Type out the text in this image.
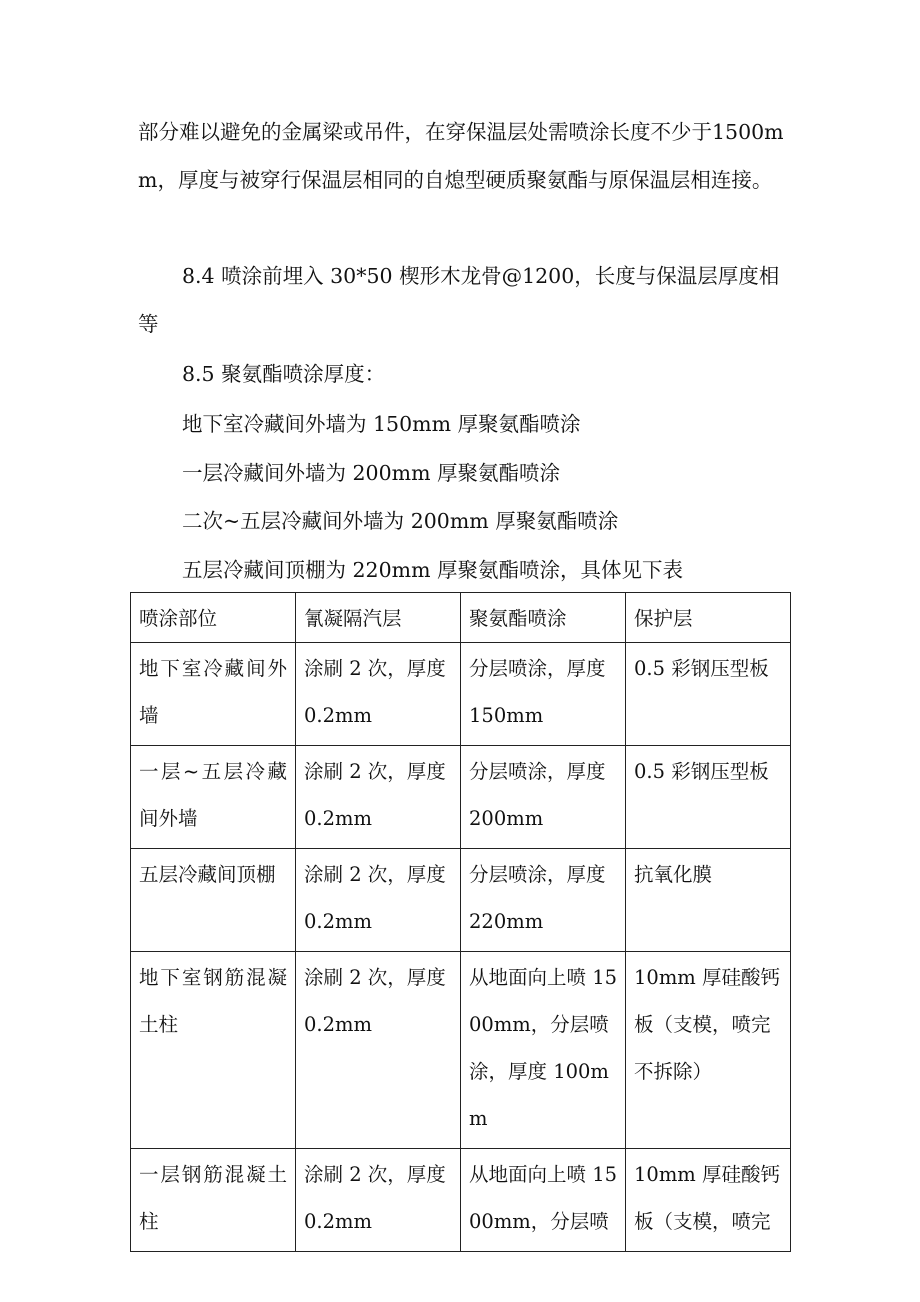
部分难以避免的金属梁或吊件，在穿保温层处需喷涂长度不少于1500mm，厚度与被穿行保温层相同的自熄型硬质聚氨酯与原保温层相连接。

8.4 喷涂前埋入 30*50 楔形木龙骨@1200，长度与保温层厚度相等

8.5 聚氨酯喷涂厚度：

地下室冷藏间外墙为 150mm 厚聚氨酯喷涂

一层冷藏间外墙为 200mm 厚聚氨酯喷涂

二次~五层冷藏间外墙为 200mm 厚聚氨酯喷涂

五层冷藏间顶棚为 220mm 厚聚氨酯喷涂，具体见下表

喷涂部位	氰凝隔汽层	聚氨酯喷涂	保护层
地下室冷藏间外墙	涂刷 2 次，厚度 0.2mm	分层喷涂，厚度 150mm	0.5 彩钢压型板
一层~五层冷藏间外墙	涂刷 2 次，厚度 0.2mm	分层喷涂，厚度 200mm	0.5 彩钢压型板
五层冷藏间顶棚	涂刷 2 次，厚度 0.2mm	分层喷涂，厚度 220mm	抗氧化膜
地下室钢筋混凝土柱	涂刷 2 次，厚度 0.2mm	从地面向上喷 1500mm，分层喷涂，厚度 100mm	10mm 厚硅酸钙板（支模，喷完不拆除）
一层钢筋混凝土柱	涂刷 2 次，厚度 0.2mm	从地面向上喷 1500mm，分层喷	10mm 厚硅酸钙板（支模，喷完
